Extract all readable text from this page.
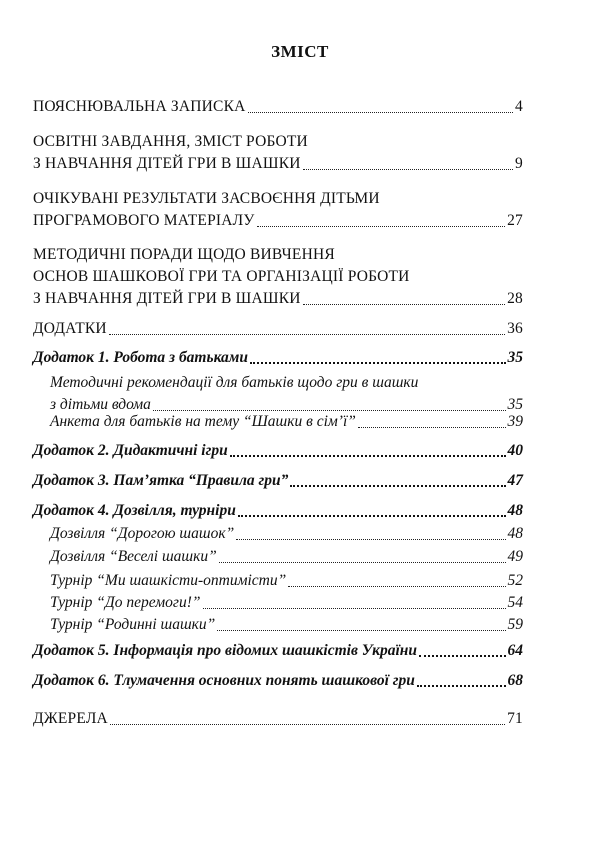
ЗМІСТ
ПОЯСНЮВАЛЬНА ЗАПИСКА	4
ОСВІТНІ ЗАВДАННЯ, ЗМІСТ РОБОТИ
З НАВЧАННЯ ДІТЕЙ ГРИ В ШАШКИ	9
ОЧІКУВАНІ РЕЗУЛЬТАТИ ЗАСВОЄННЯ ДІТЬМИ
ПРОГРАМОВОГО МАТЕРІАЛУ	27
МЕТОДИЧНІ ПОРАДИ ЩОДО ВИВЧЕННЯ
ОСНОВ ШАШКОВОЇ ГРИ ТА ОРГАНІЗАЦІЇ РОБОТИ
З НАВЧАННЯ ДІТЕЙ ГРИ В ШАШКИ	28
ДОДАТКИ	36
Додаток 1. Робота з батьками	35
Методичні рекомендації для батьків щодо гри в шашки
з дітьми вдома	35
Анкета для батьків на тему “Шашки в сім’ї”	39
Додаток 2. Дидактичні ігри	40
Додаток 3. Пам’ятка “Правила гри”	47
Додаток 4. Дозвілля, турніри	48
Дозвілля “Дорогою шашок”	48
Дозвілля “Веселі шашки”	49
Турнір “Ми шашкісти-оптимісти”	52
Турнір “До перемоги!”	54
Турнір “Родинні шашки”	59
Додаток 5. Інформація про відомих шашкістів України	64
Додаток 6. Тлумачення основних понять шашкової гри	68
ДЖЕРЕЛА	71
